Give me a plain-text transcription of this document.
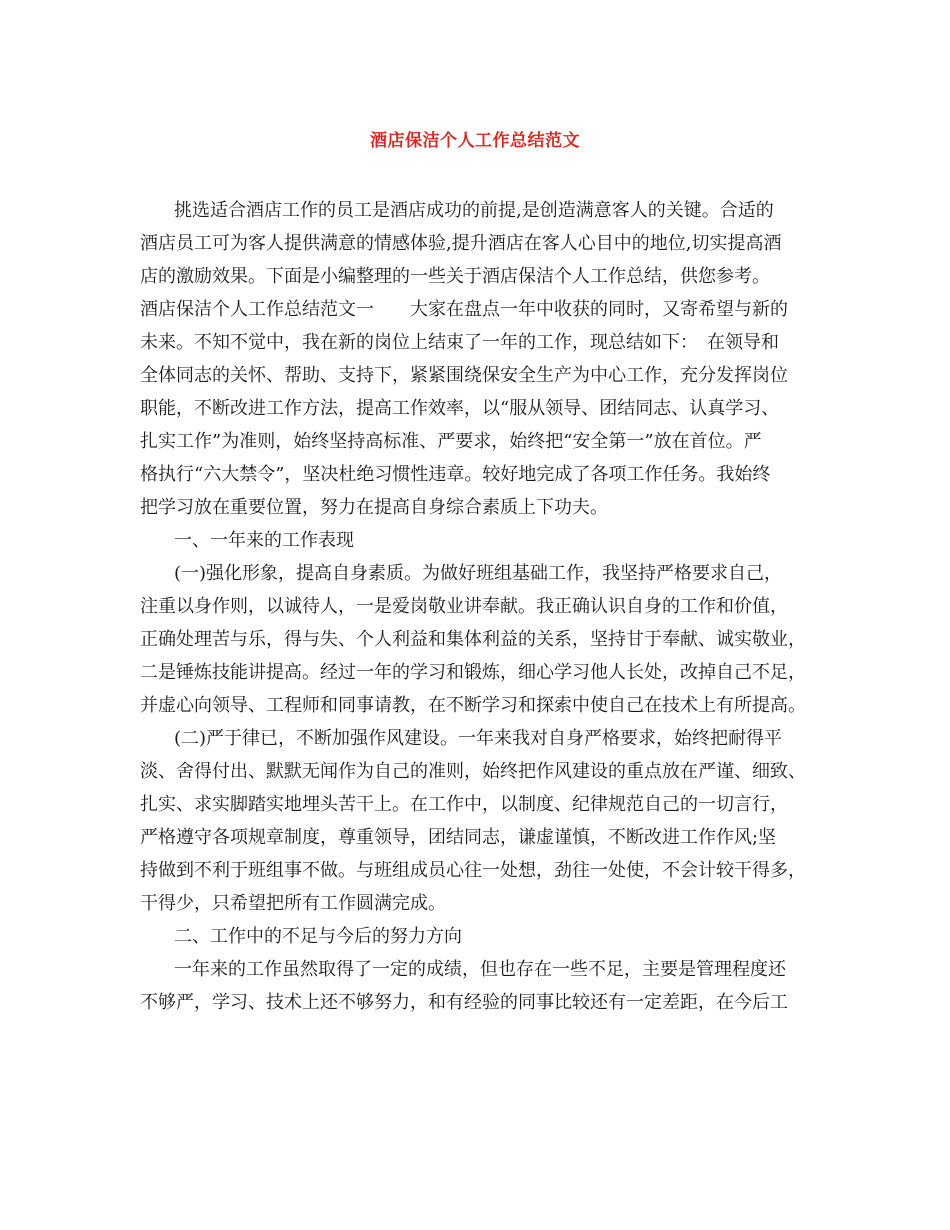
酒店保洁个人工作总结范文
挑选适合酒店工作的员工是酒店成功的前提,是创造满意客人的关键。合适的
酒店员工可为客人提供满意的情感体验,提升酒店在客人心目中的地位,切实提高酒
店的激励效果。下面是小编整理的一些关于酒店保洁个人工作总结，供您参考。
酒店保洁个人工作总结范文一　　大家在盘点一年中收获的同时，又寄希望与新的
未来。不知不觉中，我在新的岗位上结束了一年的工作，现总结如下：　在领导和
全体同志的关怀、帮助、支持下，紧紧围绕保安全生产为中心工作，充分发挥岗位
职能，不断改进工作方法，提高工作效率，以“服从领导、团结同志、认真学习、
扎实工作”为准则，始终坚持高标准、严要求，始终把“安全第一”放在首位。严
格执行“六大禁令”，坚决杜绝习惯性违章。较好地完成了各项工作任务。我始终
把学习放在重要位置，努力在提高自身综合素质上下功夫。
一、一年来的工作表现
(一)强化形象，提高自身素质。为做好班组基础工作，我坚持严格要求自己，
注重以身作则，以诚待人，一是爱岗敬业讲奉献。我正确认识自身的工作和价值，
正确处理苦与乐，得与失、个人利益和集体利益的关系，坚持甘于奉献、诚实敬业，
二是锤炼技能讲提高。经过一年的学习和锻炼，细心学习他人长处，改掉自己不足，
并虚心向领导、工程师和同事请教，在不断学习和探索中使自己在技术上有所提高。
(二)严于律已，不断加强作风建设。一年来我对自身严格要求，始终把耐得平
淡、舍得付出、默默无闻作为自己的准则，始终把作风建设的重点放在严谨、细致、
扎实、求实脚踏实地埋头苦干上。在工作中，以制度、纪律规范自己的一切言行，
严格遵守各项规章制度，尊重领导，团结同志，谦虚谨慎，不断改进工作作风;坚
持做到不利于班组事不做。与班组成员心往一处想，劲往一处使，不会计较干得多，
干得少，只希望把所有工作圆满完成。
二、工作中的不足与今后的努力方向
一年来的工作虽然取得了一定的成绩，但也存在一些不足，主要是管理程度还
不够严，学习、技术上还不够努力，和有经验的同事比较还有一定差距，在今后工
